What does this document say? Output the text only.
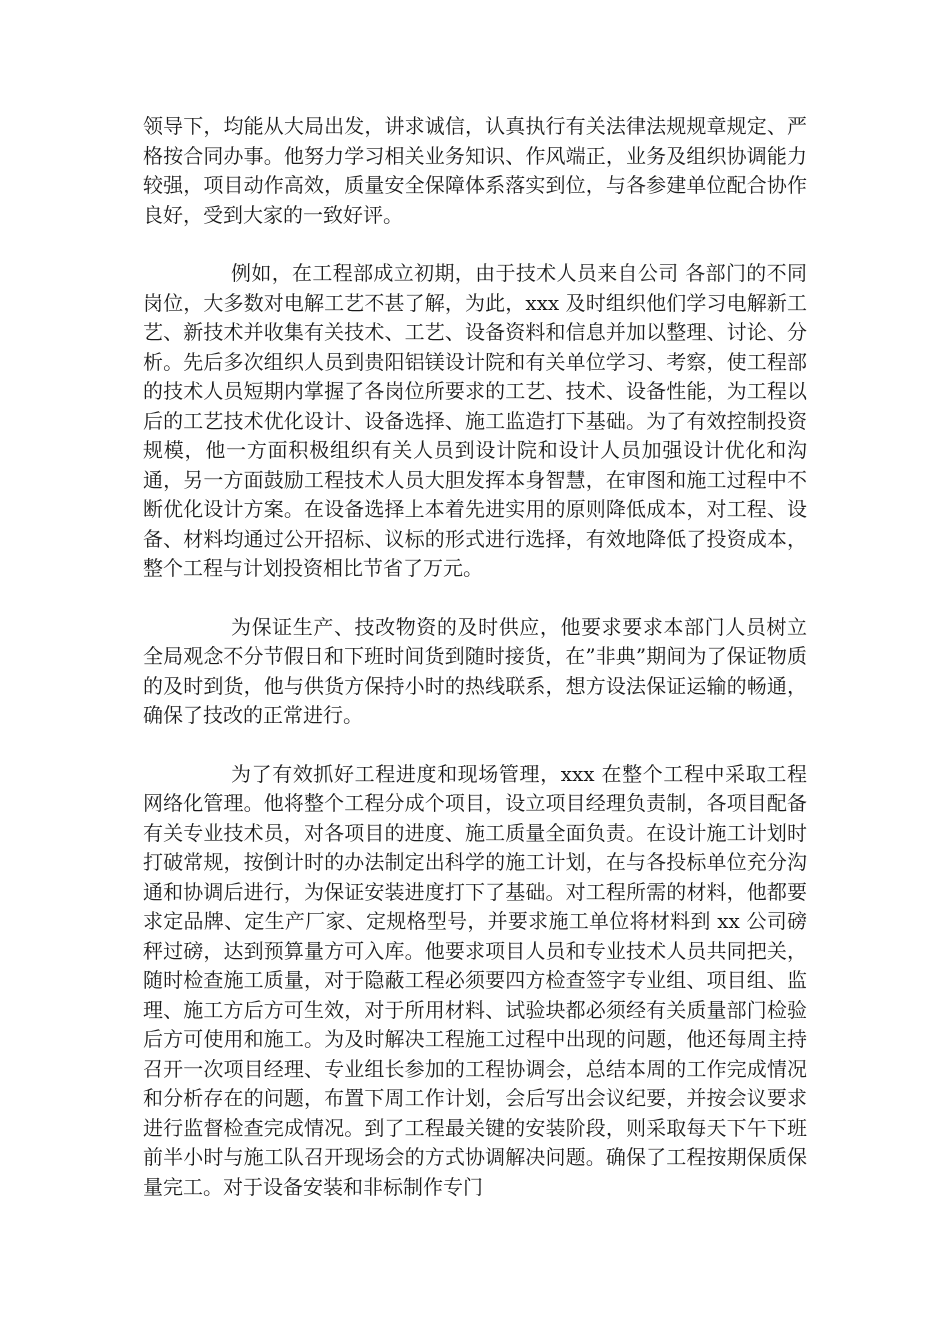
领导下，均能从大局出发，讲求诚信，认真执行有关法律法规规章规定、严格按合同办事。他努力学习相关业务知识、作风端正，业务及组织协调能力较强，项目动作高效，质量安全保障体系落实到位，与各参建单位配合协作良好，受到大家的一致好评。

例如，在工程部成立初期，由于技术人员来自公司 各部门的不同岗位，大多数对电解工艺不甚了解，为此，xxx 及时组织他们学习电解新工艺、新技术并收集有关技术、工艺、设备资料和信息并加以整理、讨论、分析。先后多次组织人员到贵阳铝镁设计院和有关单位学习、考察，使工程部的技术人员短期内掌握了各岗位所要求的工艺、技术、设备性能，为工程以后的工艺技术优化设计、设备选择、施工监造打下基础。为了有效控制投资规模，他一方面积极组织有关人员到设计院和设计人员加强设计优化和沟通，另一方面鼓励工程技术人员大胆发挥本身智慧，在审图和施工过程中不断优化设计方案。在设备选择上本着先进实用的原则降低成本，对工程、设备、材料均通过公开招标、议标的形式进行选择，有效地降低了投资成本，整个工程与计划投资相比节省了万元。

为保证生产、技改物资的及时供应，他要求要求本部门人员树立全局观念不分节假日和下班时间货到随时接货，在”非典”期间为了保证物质的及时到货，他与供货方保持小时的热线联系，想方设法保证运输的畅通，确保了技改的正常进行。

为了有效抓好工程进度和现场管理，xxx 在整个工程中采取工程网络化管理。他将整个工程分成个项目，设立项目经理负责制，各项目配备有关专业技术员，对各项目的进度、施工质量全面负责。在设计施工计划时打破常规，按倒计时的办法制定出科学的施工计划，在与各投标单位充分沟通和协调后进行，为保证安装进度打下了基础。对工程所需的材料，他都要求定品牌、定生产厂家、定规格型号，并要求施工单位将材料到 xx 公司磅秤过磅，达到预算量方可入库。他要求项目人员和专业技术人员共同把关，随时检查施工质量，对于隐蔽工程必须要四方检查签字专业组、项目组、监理、施工方后方可生效，对于所用材料、试验块都必须经有关质量部门检验后方可使用和施工。为及时解决工程施工过程中出现的问题，他还每周主持召开一次项目经理、专业组长参加的工程协调会，总结本周的工作完成情况和分析存在的问题，布置下周工作计划，会后写出会议纪要，并按会议要求进行监督检查完成情况。到了工程最关键的安装阶段，则采取每天下午下班前半小时与施工队召开现场会的方式协调解决问题。确保了工程按期保质保量完工。对于设备安装和非标制作专门
